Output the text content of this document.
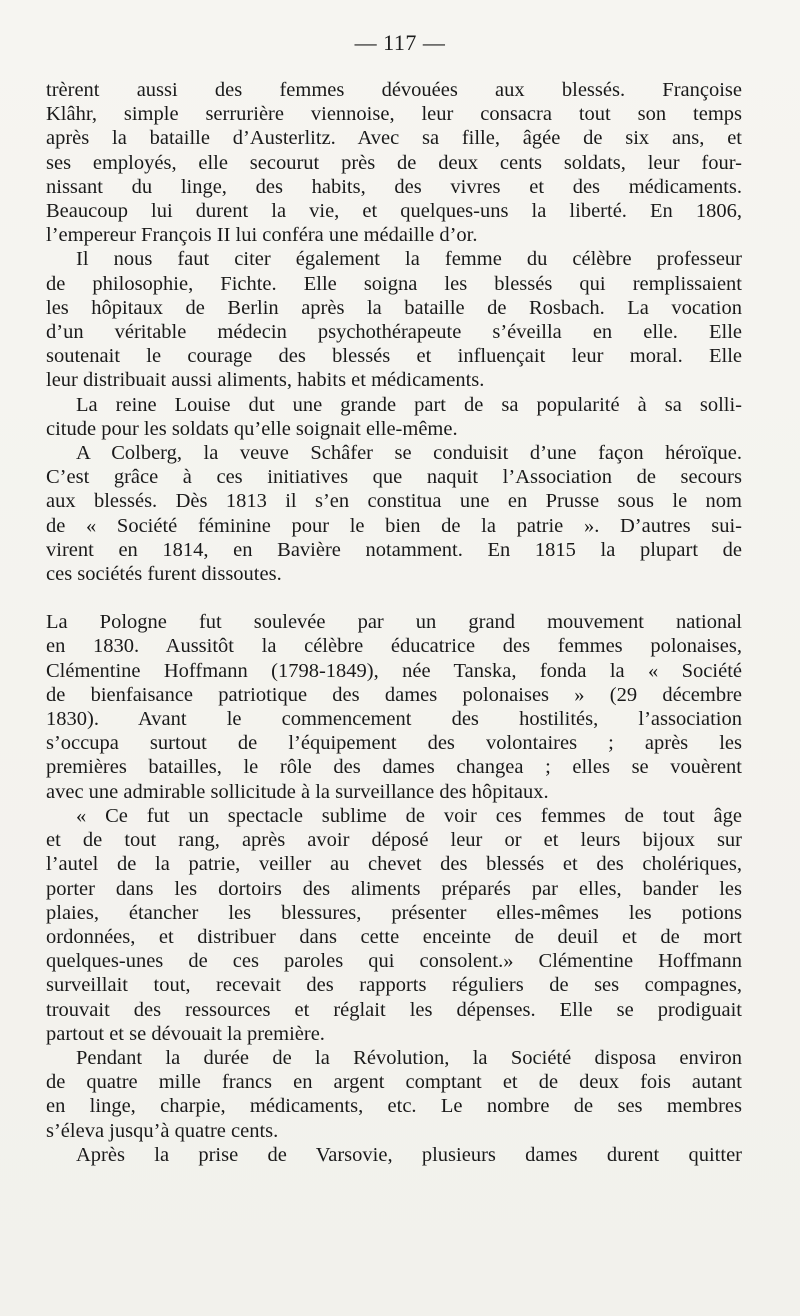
— 117 —
trèrent aussi des femmes dévouées aux blessés. Françoise
Klâhr, simple serrurière viennoise, leur consacra tout son temps
après la bataille d’Austerlitz. Avec sa fille, âgée de six ans, et
ses employés, elle secourut près de deux cents soldats, leur four-
nissant du linge, des habits, des vivres et des médicaments.
Beaucoup lui durent la vie, et quelques-uns la liberté. En 1806,
l’empereur François II lui conféra une médaille d’or.
Il nous faut citer également la femme du célèbre professeur
de philosophie, Fichte. Elle soigna les blessés qui remplissaient
les hôpitaux de Berlin après la bataille de Rosbach. La vocation
d’un véritable médecin psychothérapeute s’éveilla en elle. Elle
soutenait le courage des blessés et influençait leur moral. Elle
leur distribuait aussi aliments, habits et médicaments.
La reine Louise dut une grande part de sa popularité à sa solli-
citude pour les soldats qu’elle soignait elle-même.
A Colberg, la veuve Schâfer se conduisit d’une façon héroïque.
C’est grâce à ces initiatives que naquit l’Association de secours
aux blessés. Dès 1813 il s’en constitua une en Prusse sous le nom
de « Société féminine pour le bien de la patrie ». D’autres sui-
virent en 1814, en Bavière notamment. En 1815 la plupart de
ces sociétés furent dissoutes.
La Pologne fut soulevée par un grand mouvement national
en 1830. Aussitôt la célèbre éducatrice des femmes polonaises,
Clémentine Hoffmann (1798-1849), née Tanska, fonda la « Société
de bienfaisance patriotique des dames polonaises » (29 décembre
1830). Avant le commencement des hostilités, l’association
s’occupa surtout de l’équipement des volontaires ; après les
premières batailles, le rôle des dames changea ; elles se vouèrent
avec une admirable sollicitude à la surveillance des hôpitaux.
« Ce fut un spectacle sublime de voir ces femmes de tout âge
et de tout rang, après avoir déposé leur or et leurs bijoux sur
l’autel de la patrie, veiller au chevet des blessés et des cholériques,
porter dans les dortoirs des aliments préparés par elles, bander les
plaies, étancher les blessures, présenter elles-mêmes les potions
ordonnées, et distribuer dans cette enceinte de deuil et de mort
quelques-unes de ces paroles qui consolent.» Clémentine Hoffmann
surveillait tout, recevait des rapports réguliers de ses compagnes,
trouvait des ressources et réglait les dépenses. Elle se prodiguait
partout et se dévouait la première.
Pendant la durée de la Révolution, la Société disposa environ
de quatre mille francs en argent comptant et de deux fois autant
en linge, charpie, médicaments, etc. Le nombre de ses membres
s’éleva jusqu’à quatre cents.
Après la prise de Varsovie, plusieurs dames durent quitter
